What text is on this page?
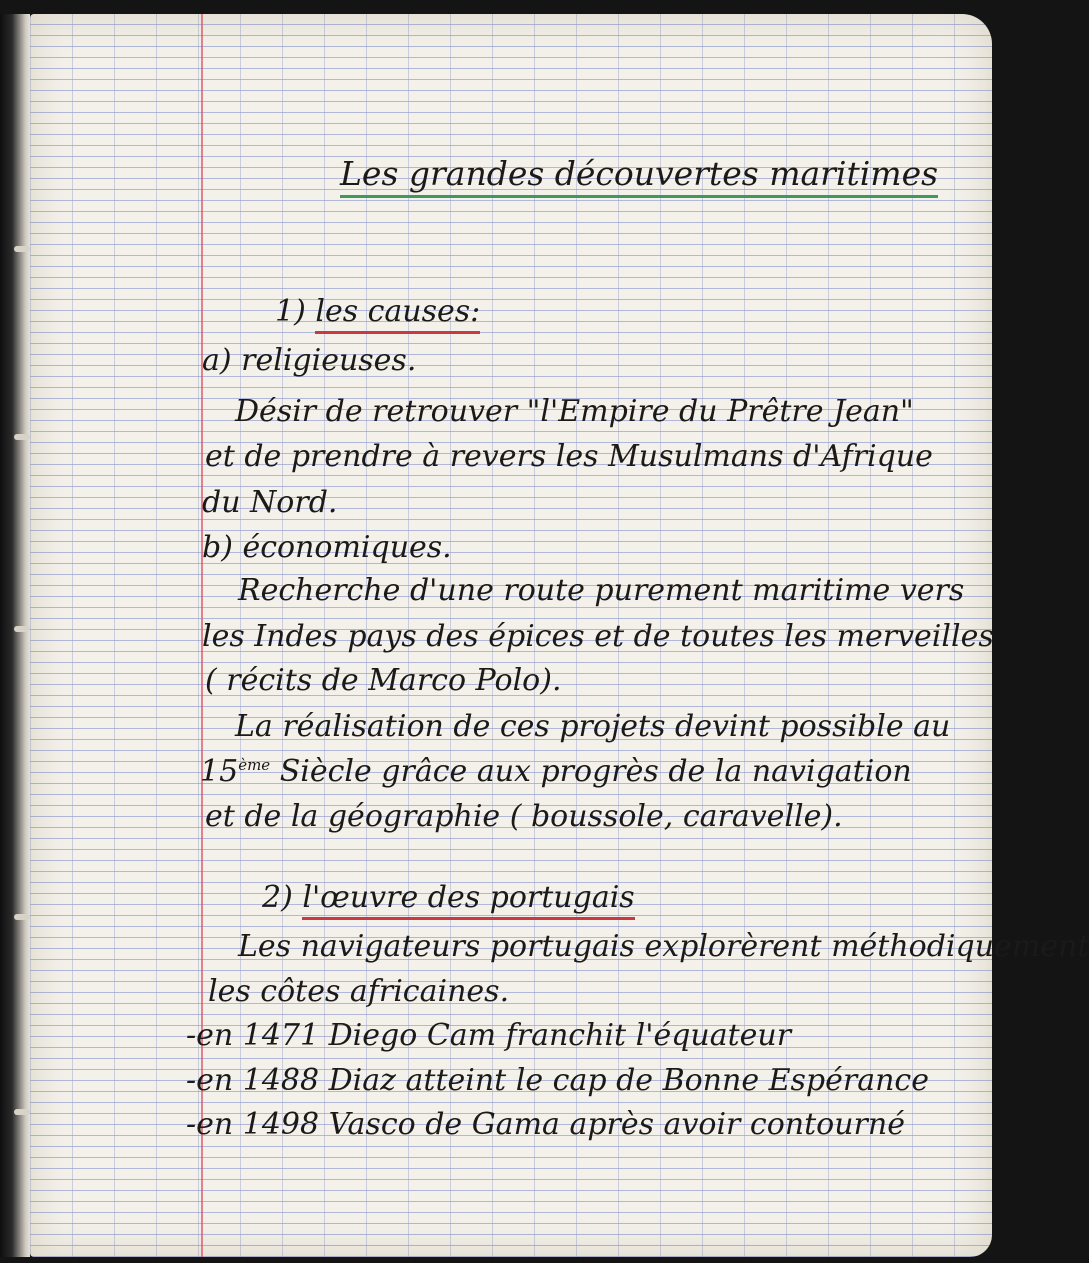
Les grandes découvertes maritimes

1) les causes:

a) religieuses.

Désir de retrouver "l'Empire du Prêtre Jean"

et de prendre à revers les Musulmans d'Afrique

du Nord.

b) économiques.

Recherche d'une route purement maritime vers

les Indes pays des épices et de toutes les merveilles

( récits de Marco Polo).

La réalisation de ces projets devint possible au

15ème Siècle grâce aux progrès de la navigation

et de la géographie ( boussole, caravelle).

2) l'œuvre des portugais

Les navigateurs portugais explorèrent méthodiquement

les côtes africaines.

-en 1471 Diego Cam franchit l'équateur

-en 1488 Diaz atteint le cap de Bonne Espérance

-en 1498 Vasco de Gama après avoir contourné
